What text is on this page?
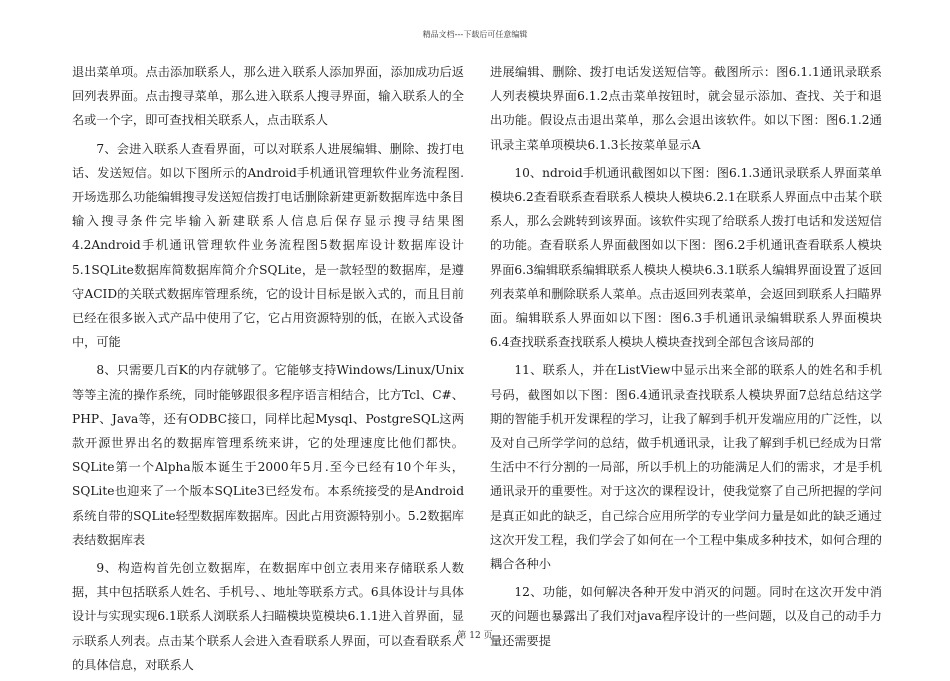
精品文档---下载后可任意编辑

退出菜单项。点击添加联系人，那么进入联系人添加界面，添加成功后返回列表界面。点击搜寻菜单，那么进入联系人搜寻界面，输入联系人的全名或一个字，即可查找相关联系人，点击联系人

7、会进入联系人查看界面，可以对联系人进展编辑、删除、拨打电话、发送短信。如以下图所示的Android手机通讯管理软件业务流程图.开场选那么功能编辑搜寻发送短信拨打电话删除新建更新数据库选中条目输入搜寻条件完毕输入新建联系人信息后保存显示搜寻结果图4.2Android手机通讯管理软件业务流程图5数据库设计数据库设计5.1SQLite数据库简数据库简介介SQLite，是一款轻型的数据库，是遵守ACID的关联式数据库管理系统，它的设计目标是嵌入式的，而且目前已经在很多嵌入式产品中使用了它，它占用资源特别的低，在嵌入式设备中，可能

8、只需要几百K的内存就够了。它能够支持Windows/Linux/Unix等等主流的操作系统，同时能够跟很多程序语言相结合，比方Tcl、C#、PHP、Java等，还有ODBC接口，同样比起Mysql、PostgreSQL这两款开源世界出名的数据库管理系统来讲，它的处理速度比他们都快。SQLite第一个Alpha版本诞生于2000年5月.至今已经有10个年头，SQLite也迎来了一个版本SQLite3已经发布。本系统接受的是Android系统自带的SQLite轻型数据库数据库。因此占用资源特别小。5.2数据库表结数据库表

9、构造构首先创立数据库，在数据库中创立表用来存储联系人数据，其中包括联系人姓名、手机号、、地址等联系方式。6具体设计与具体设计与实现实现6.1联系人浏联系人扫瞄模块览模块6.1.1进入首界面，显示联系人列表。点击某个联系人会进入查看联系人界面，可以查看联系人的具体信息，对联系人

进展编辑、删除、拨打电话发送短信等。截图所示：图6.1.1通讯录联系人列表模块界面6.1.2点击菜单按钮时，就会显示添加、查找、关于和退出功能。假设点击退出菜单，那么会退出该软件。如以下图：图6.1.2通讯录主菜单项模块6.1.3长按菜单显示A

10、ndroid手机通讯截图如以下图：图6.1.3通讯录联系人界面菜单模块6.2查看联系查看联系人模块人模块6.2.1在联系人界面点中击某个联系人，那么会跳转到该界面。该软件实现了给联系人拨打电话和发送短信的功能。查看联系人界面截图如以下图：图6.2手机通讯查看联系人模块界面6.3编辑联系编辑联系人模块人模块6.3.1联系人编辑界面设置了返回列表菜单和删除联系人菜单。点击返回列表菜单，会返回到联系人扫瞄界面。编辑联系人界面如以下图：图6.3手机通讯录编辑联系人界面模块6.4查找联系查找联系人模块人模块查找到全部包含该局部的

11、联系人，并在ListView中显示出来全部的联系人的姓名和手机号码，截图如以下图：图6.4通讯录查找联系人模块界面7总结总结这学期的智能手机开发课程的学习，让我了解到手机开发端应用的广泛性，以及对自己所学学问的总结，做手机通讯录，让我了解到手机已经成为日常生活中不行分割的一局部，所以手机上的功能满足人们的需求，才是手机通讯录开的重要性。对于这次的课程设计，使我觉察了自己所把握的学问是真正如此的缺乏，自己综合应用所学的专业学问力量是如此的缺乏通过这次开发工程，我们学会了如何在一个工程中集成多种技术，如何合理的耦合各种小

12、功能，如何解决各种开发中消灭的问题。同时在这次开发中消灭的问题也暴露出了我们对java程序设计的一些问题，以及自己的动手力量还需要提

第 12 页
